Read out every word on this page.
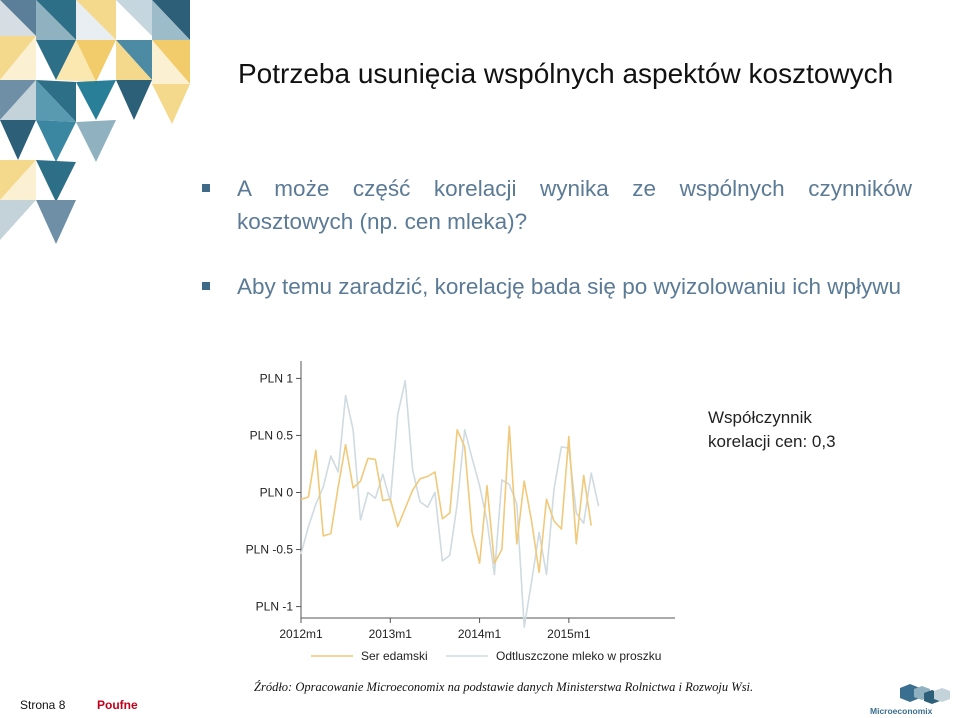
Potrzeba usunięcia wspólnych aspektów kosztowych
A może część korelacji wynika ze wspólnych czynników kosztowych (np. cen mleka)?
Aby temu zaradzić, korelację bada się po wyizolowaniu ich wpływu
PLN 1
PLN 0.5
PLN 0
PLN -0.5
PLN -1
2012m1	2013m1	2014m1	2015m1
Ser edamski	Odtluszczone mleko w proszku
Współczynnik
korelacji cen: 0,3
Źródło: Opracowanie Microeconomix na podstawie danych Ministerstwa Rolnictwa i Rozwoju Wsi.
Strona 8	Poufne	Microeconomix
